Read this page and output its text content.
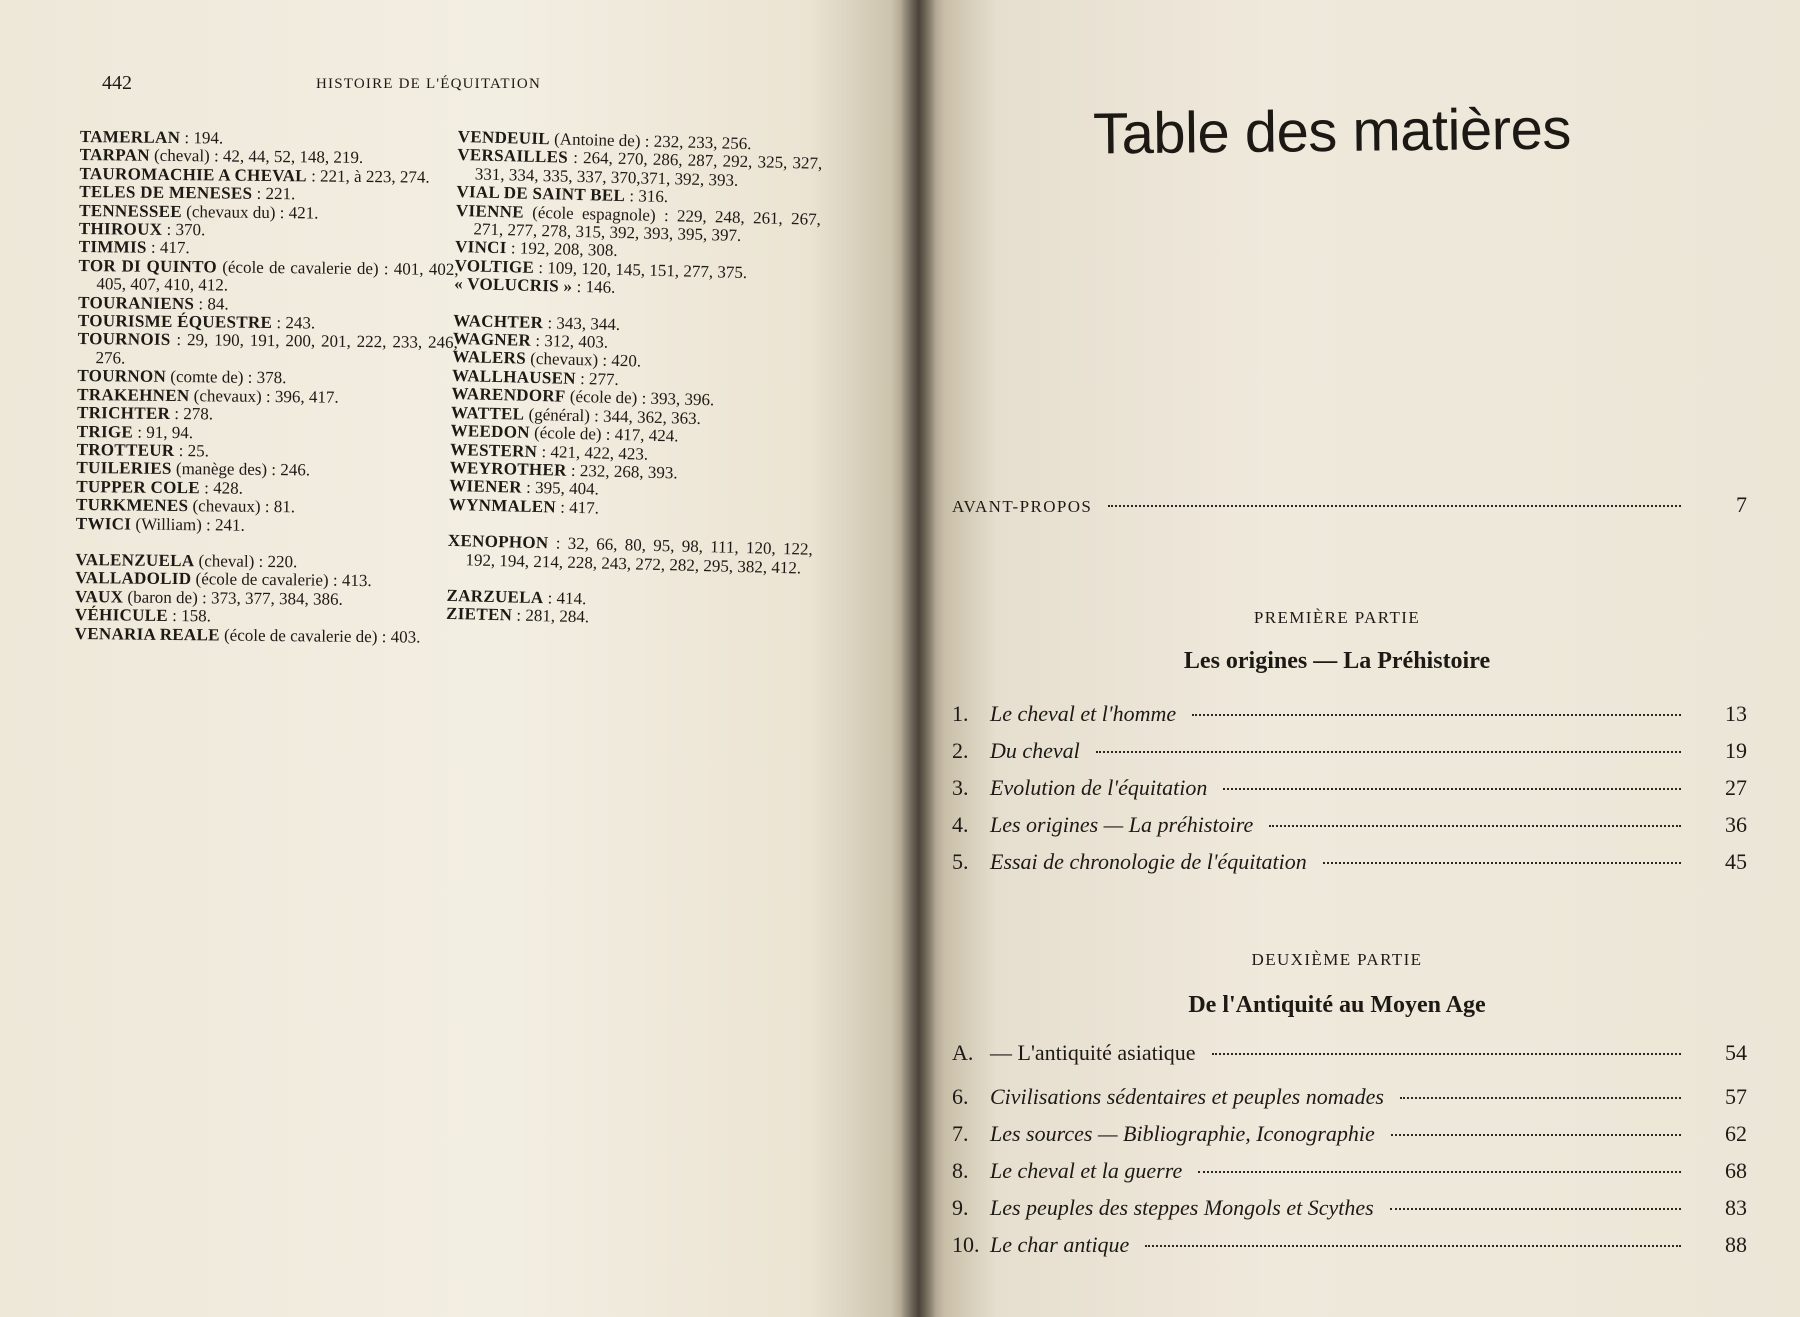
442	HISTOIRE DE L'ÉQUITATION

TAMERLAN : 194.

TARPAN (cheval) : 42, 44, 52, 148, 219.

TAUROMACHIE A CHEVAL : 221, à 223, 274.

TELES DE MENESES : 221.

TENNESSEE (chevaux du) : 421.

THIROUX : 370.

TIMMIS : 417.

TOR DI QUINTO (école de cavalerie de) : 401, 402, 405, 407, 410, 412.

TOURANIENS : 84.

TOURISME ÉQUESTRE : 243.

TOURNOIS : 29, 190, 191, 200, 201, 222, 233, 246, 276.

TOURNON (comte de) : 378.

TRAKEHNEN (chevaux) : 396, 417.

TRICHTER : 278.

TRIGE : 91, 94.

TROTTEUR : 25.

TUILERIES (manège des) : 246.

TUPPER COLE : 428.

TURKMENES (chevaux) : 81.

TWICI (William) : 241.

VALENZUELA (cheval) : 220.

VALLADOLID (école de cavalerie) : 413.

VAUX (baron de) : 373, 377, 384, 386.

VÉHICULE : 158.

VENARIA REALE (école de cavalerie de) : 403.

VENDEUIL (Antoine de) : 232, 233, 256.

VERSAILLES : 264, 270, 286, 287, 292, 325, 327, 331, 334, 335, 337, 370,371, 392, 393.

VIAL DE SAINT BEL : 316.

VIENNE (école espagnole) : 229, 248, 261, 267, 271, 277, 278, 315, 392, 393, 395, 397.

VINCI : 192, 208, 308.

VOLTIGE : 109, 120, 145, 151, 277, 375.

« VOLUCRIS » : 146.

WACHTER : 343, 344.

WAGNER : 312, 403.

WALERS (chevaux) : 420.

WALLHAUSEN : 277.

WARENDORF (école de) : 393, 396.

WATTEL (général) : 344, 362, 363.

WEEDON (école de) : 417, 424.

WESTERN : 421, 422, 423.

WEYROTHER : 232, 268, 393.

WIENER : 395, 404.

WYNMALEN : 417.

XENOPHON : 32, 66, 80, 95, 98, 111, 120, 122, 192, 194, 214, 228, 243, 272, 282, 295, 382, 412.

ZARZUELA : 414.

ZIETEN : 281, 284.

Table des matières
AVANT-PROPOS	7

PREMIÈRE PARTIE

Les origines — La Préhistoire

1. Le cheval et l'homme	13
2. Du cheval	19
3. Evolution de l'équitation	27
4. Les origines — La préhistoire	36
5. Essai de chronologie de l'équitation	45

DEUXIÈME PARTIE

De l'Antiquité au Moyen Age

A. — L'antiquité asiatique	54
6. Civilisations sédentaires et peuples nomades	57
7. Les sources — Bibliographie, Iconographie	62
8. Le cheval et la guerre	68
9. Les peuples des steppes Mongols et Scythes	83
10. Le char antique	88
